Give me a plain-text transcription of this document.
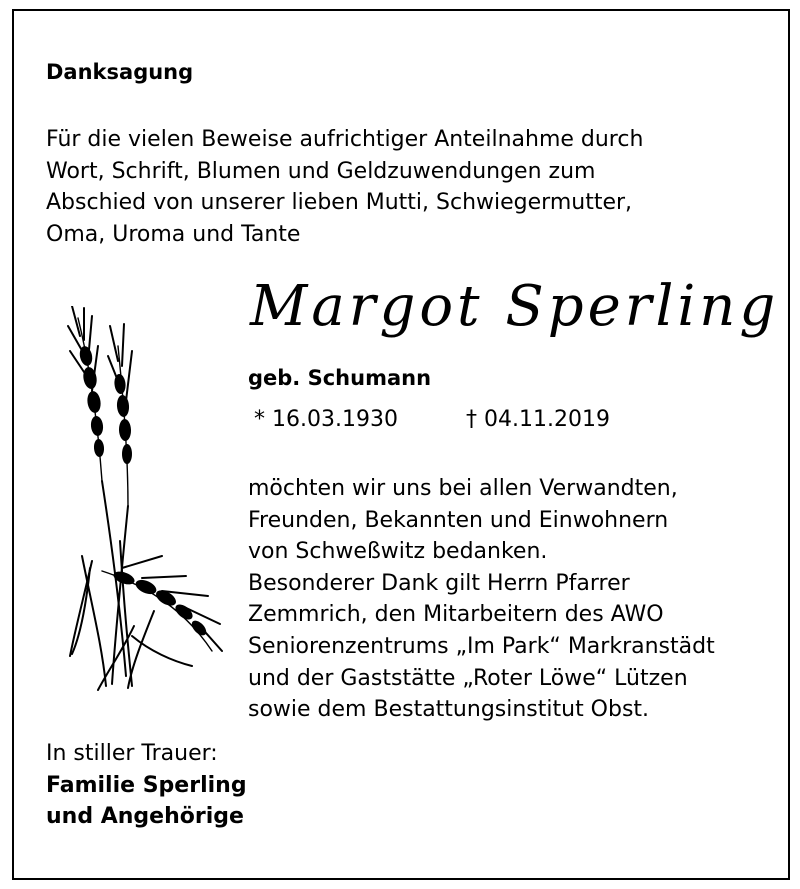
Danksagung
Für die vielen Beweise aufrichtiger Anteilnahme durch
Wort, Schrift, Blumen und Geldzuwendungen zum
Abschied von unserer lieben Mutti, Schwiegermutter,
Oma, Uroma und Tante
Margot Sperling
geb. Schumann
* 16.03.1930	† 04.11.2019
möchten wir uns bei allen Verwandten,
Freunden, Bekannten und Einwohnern
von Schweßwitz bedanken.
Besonderer Dank gilt Herrn Pfarrer
Zemmrich, den Mitarbeitern des AWO
Seniorenzentrums „Im Park“ Markranstädt
und der Gaststätte „Roter Löwe“ Lützen
sowie dem Bestattungsinstitut Obst.
In stiller Trauer:
Familie Sperling
und Angehörige
